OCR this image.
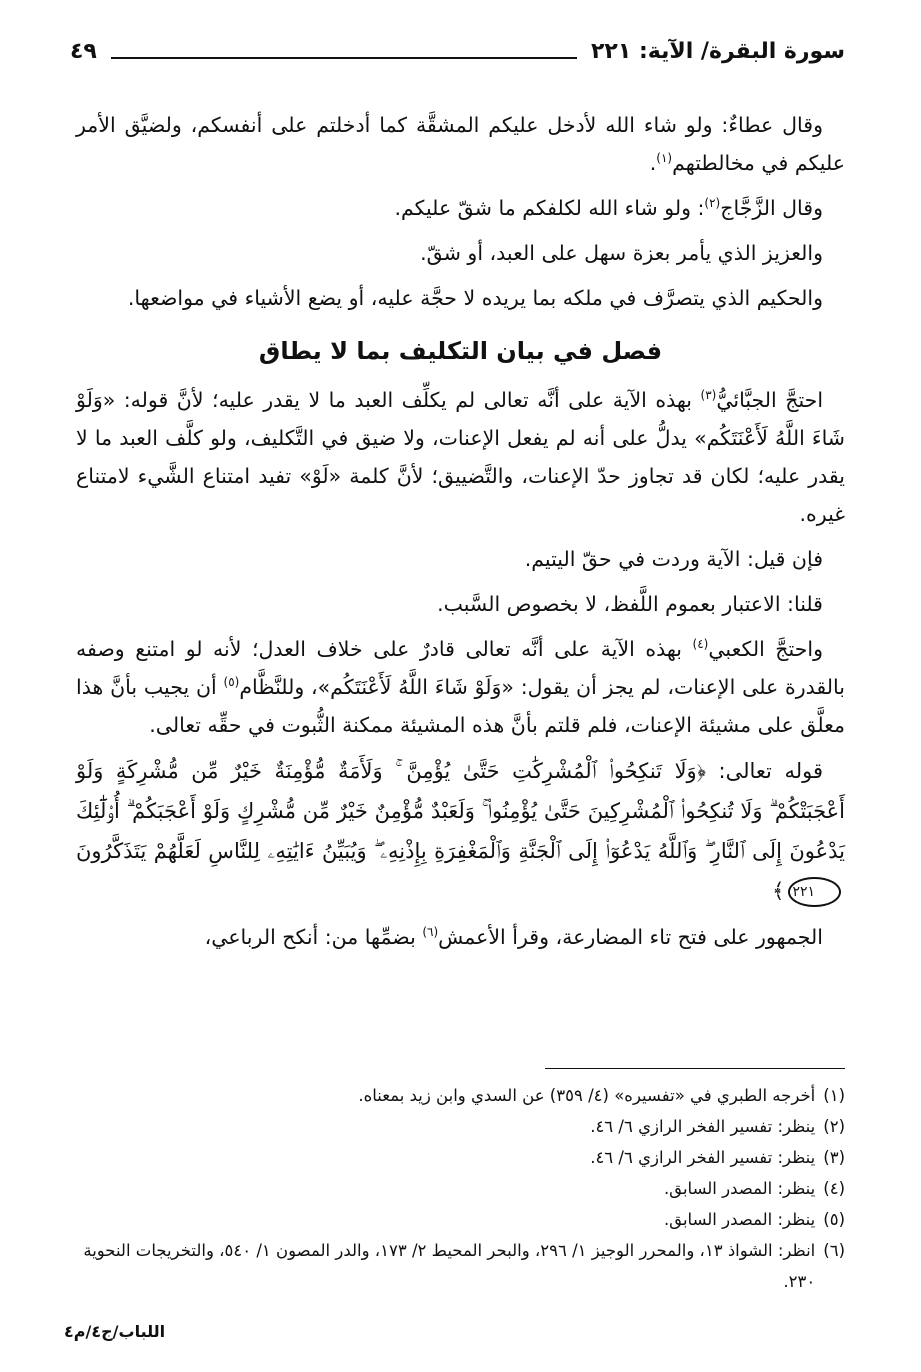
سورة البقرة/ الآية: ٢٢١
٤٩

وقال عطاءٌ: ولو شاء الله لأدخل عليكم المشقَّة كما أدخلتم على أنفسكم، ولضيَّق الأمر عليكم في مخالطتهم$^{(١)}$.

وقال الزَّجَّاج$^{(٢)}$: ولو شاء الله لكلفكم ما شقّ عليكم.

والعزيز الذي يأمر بعزة سهل على العبد، أو شقّ.

والحكيم الذي يتصرَّف في ملكه بما يريده لا حجَّة عليه، أو يضع الأشياء في مواضعها.

فصل في بيان التكليف بما لا يطاق

احتجَّ الجبَّائيُّ$^{(٣)}$ بهذه الآية على أنَّه تعالى لم يكلِّف العبد ما لا يقدر عليه؛ لأنَّ قوله: «وَلَوْ شَاءَ اللَّهُ لَأَعْنَتَكُم» يدلُّ على أنه لم يفعل الإعنات، ولا ضيق في التَّكليف، ولو كلَّف العبد ما لا يقدر عليه؛ لكان قد تجاوز حدّ الإعنات، والتَّضييق؛ لأنَّ كلمة «لَوْ» تفيد امتناع الشَّيء لامتناع غيره.

فإن قيل: الآية وردت في حقّ اليتيم.

قلنا: الاعتبار بعموم اللَّفظ، لا بخصوص السَّبب.

واحتجَّ الكعبي$^{(٤)}$ بهذه الآية على أنَّه تعالى قادرٌ على خلاف العدل؛ لأنه لو امتنع وصفه بالقدرة على الإعنات، لم يجز أن يقول: «وَلَوْ شَاءَ اللَّهُ لَأَعْنَتَكُم»، وللنَّظَّام$^{(٥)}$ أن يجيب بأنَّ هذا معلَّق على مشيئة الإعنات، فلم قلتم بأنَّ هذه المشيئة ممكنة الثُّبوت في حقِّه تعالى.

قوله تعالى: ﴿وَلَا تَنكِحُوا۟ ٱلْمُشْرِكَٰتِ حَتَّىٰ يُؤْمِنَّ ۚ وَلَأَمَةٌ مُّؤْمِنَةٌ خَيْرٌ مِّن مُّشْرِكَةٍ وَلَوْ أَعْجَبَتْكُمْ ۗ وَلَا تُنكِحُوا۟ ٱلْمُشْرِكِينَ حَتَّىٰ يُؤْمِنُوا۟ ۚ وَلَعَبْدٌ مُّؤْمِنٌ خَيْرٌ مِّن مُّشْرِكٍ وَلَوْ أَعْجَبَكُمْ ۗ أُو۟لَٰٓئِكَ يَدْعُونَ إِلَى ٱلنَّارِ ۖ وَٱللَّهُ يَدْعُوٓا۟ إِلَى ٱلْجَنَّةِ وَٱلْمَغْفِرَةِ بِإِذْنِهِۦ ۖ وَيُبَيِّنُ ءَايَٰتِهِۦ لِلنَّاسِ لَعَلَّهُمْ يَتَذَكَّرُونَ٢٢١﴾

الجمهور على فتح تاء المضارعة، وقرأ الأعمش$^{(٦)}$ بضمِّها من: أنكح الرباعي،

(١)
أخرجه الطبري في «تفسيره» (٤/ ٣٥٩) عن السدي وابن زيد بمعناه.
(٢)
ينظر: تفسير الفخر الرازي ٦/ ٤٦.
(٣)
ينظر: تفسير الفخر الرازي ٦/ ٤٦.
(٤)
ينظر: المصدر السابق.
(٥)
ينظر: المصدر السابق.
(٦)
انظر: الشواذ ١٣، والمحرر الوجيز ١/ ٢٩٦، والبحر المحيط ٢/ ١٧٣، والدر المصون ١/ ٥٤٠، والتخريجات النحوية ٢٣٠.
اللباب/ج٤/م٤
